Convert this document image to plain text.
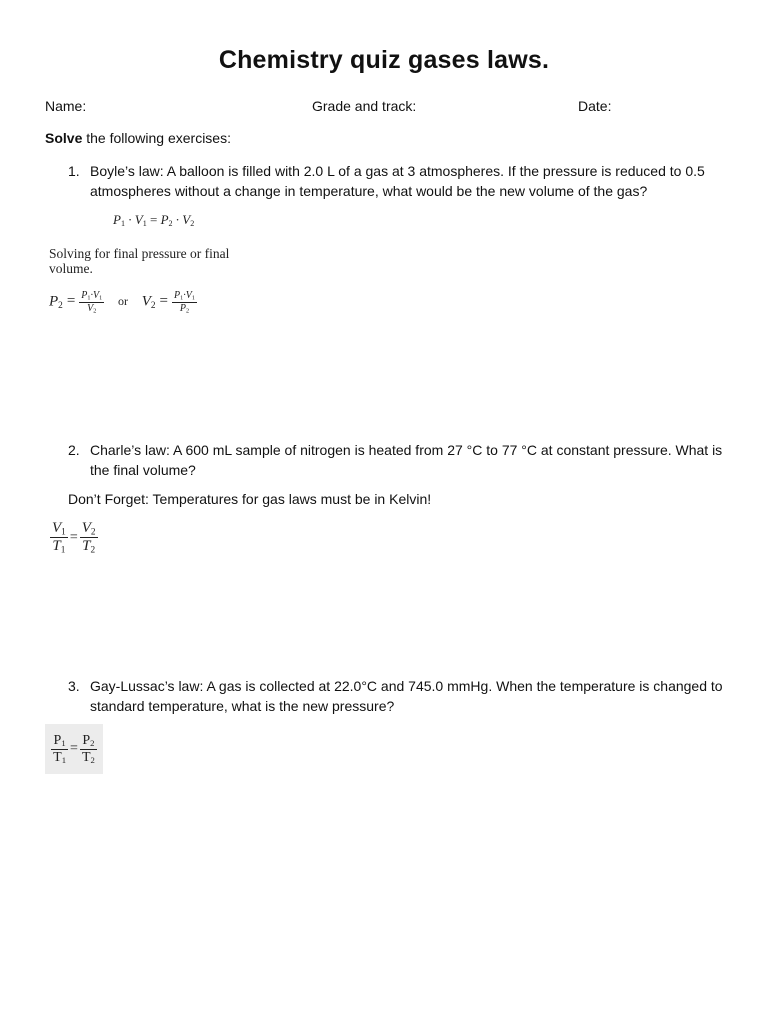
Chemistry quiz gases laws.
Name:	Grade and track:	Date:
Solve the following exercises:
1. Boyle’s law: A balloon is filled with 2.0 L of a gas at 3 atmospheres. If the pressure is reduced to 0.5 atmospheres without a change in temperature, what would be the new volume of the gas?
$P_1 \cdot V_1 = P_2 \cdot V_2$
Solving for final pressure or final volume.
$P_2 = \frac{P_1\cdot V_1}{V_2}$ or $V_2 = \frac{P_1\cdot V_1}{P_2}$
2. Charle’s law: A 600 mL sample of nitrogen is heated from 27 °C to 77 °C at constant pressure. What is the final volume?
Don’t Forget: Temperatures for gas laws must be in Kelvin!
$\frac{V_1}{T_1} = \frac{V_2}{T_2}$
3. Gay-Lussac’s law: A gas is collected at 22.0°C and 745.0 mmHg. When the temperature is changed to standard temperature, what is the new pressure?
$\frac{P_1}{T_1} = \frac{P_2}{T_2}$
